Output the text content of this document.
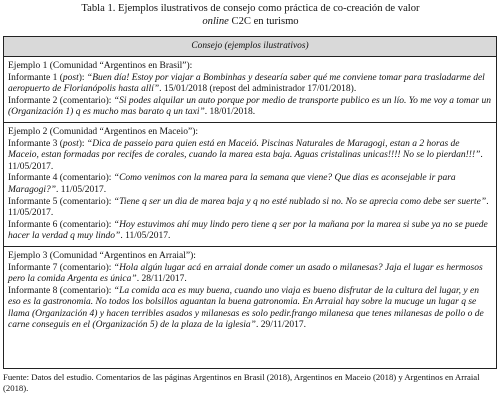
Tabla 1. Ejemplos ilustrativos de consejo como práctica de co-creación de valor
online C2C en turismo
Consejo (ejemplos ilustrativos)

Ejemplo 1 (Comunidad “Argentinos en Brasil”):

Informante 1 (post): “Buen día! Estoy por viajar a Bombinhas y desearía saber qué me conviene tomar para trasladarme del aeropuerto de Florianópolis hasta allí”. 15/01/2018 (repost del administrador 17/01/2018).

Informante 2 (comentario): “Si podes alquilar un auto porque por medio de transporte publico es un lío. Yo me voy a tomar un (Organización 1) q es mucho mas barato q un taxi”. 18/01/2018.

Ejemplo 2 (Comunidad “Argentinos en Maceio”):

Informante 3 (post): “Dica de passeio para quien está en Maceió. Piscinas Naturales de Maragogi, estan a 2 horas de Maceio, estan formadas por recifes de corales, cuando la marea esta baja. Aguas cristalinas unicas!!!! No se lo pierdan!!!”. 11/05/2017.

Informante 4 (comentario): “Como venimos con la marea para la semana que viene? Que dias es aconsejable ir para Maragogi?”. 11/05/2017.

Informante 5 (comentario): “Tiene q ser un dia de marea baja y q no esté nublado si no. No se aprecia como debe ser suerte”. 11/05/2017.

Informante 6 (comentario): “Hoy estuvimos ahí muy lindo pero tiene q ser por la mañana por la marea si sube ya no se puede hacer la verdad q muy lindo”. 11/05/2017.

Ejemplo 3 (Comunidad “Argentinos en Arraial”):

Informante 7 (comentario): “Hola algún lugar acá en arraial donde comer un asado o milanesas? Jaja el lugar es hermosos pero la comida Argenta es única”. 28/11/2017.

Informante 8 (comentario): “La comida aca es muy buena, cuando uno viaja es bueno disfrutar de la cultura del lugar, y en eso es la gastronomia. No todos los bolsillos aguantan la buena gatronomia. En Arraial hay sobre la mucuge un lugar q se llama (Organización 4) y hacen terribles asados y milanesas es solo pedir.frango milanesa que tenes milanesas de pollo o de carne conseguis en el (Organización 5) de la plaza de la iglesia”. 29/11/2017.

Fuente: Datos del estudio. Comentarios de las páginas Argentinos en Brasil (2018), Argentinos en Maceio (2018) y Argentinos en Arraial (2018).
